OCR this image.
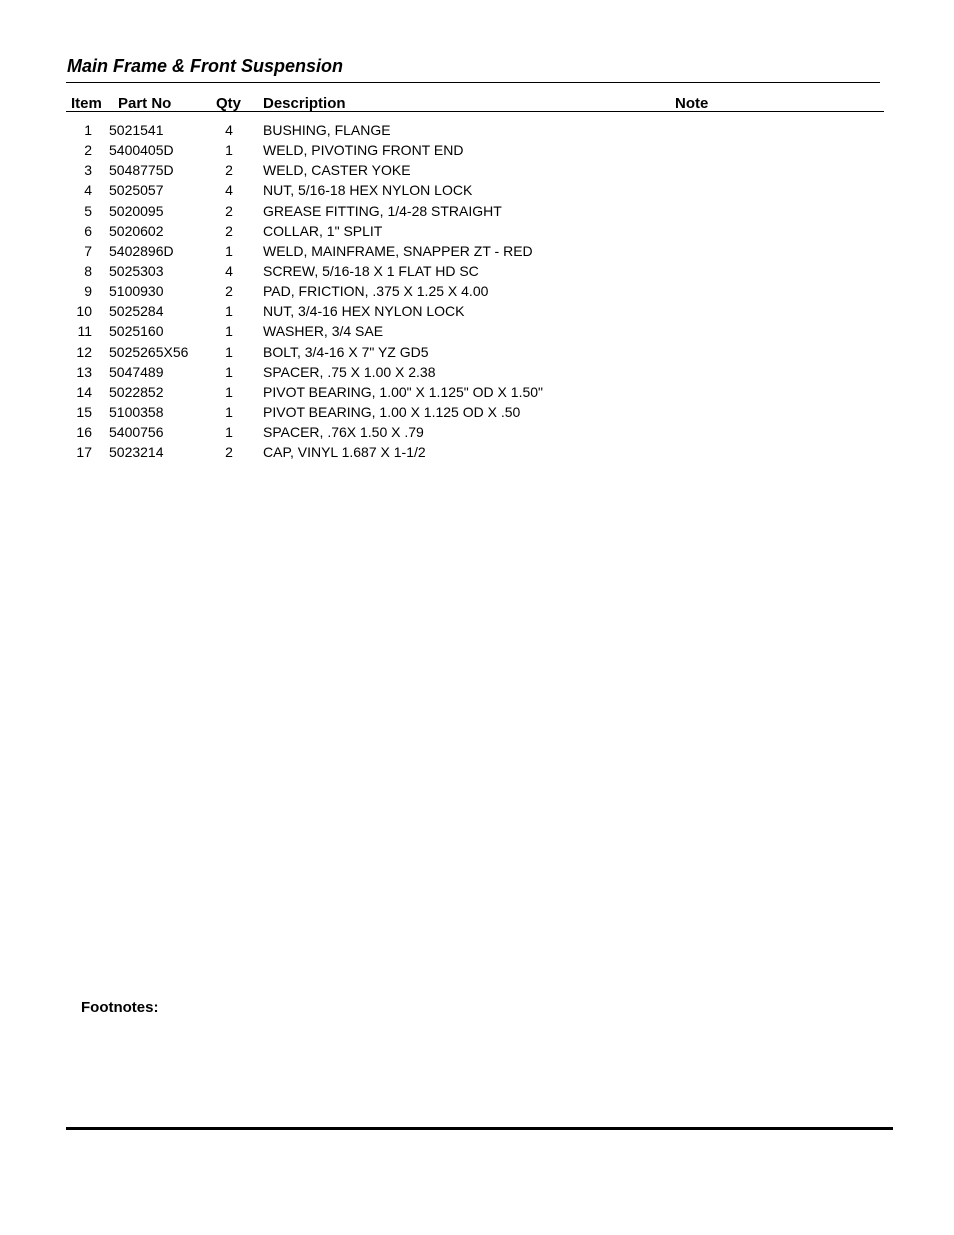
Main Frame & Front Suspension
Item Part No	Qty Description	Note
1 5021541	4	BUSHING, FLANGE
2 5400405D	1	WELD, PIVOTING FRONT END
3 5048775D	2	WELD, CASTER YOKE
4 5025057	4	NUT, 5/16-18 HEX NYLON LOCK
5 5020095	2	GREASE FITTING, 1/4-28 STRAIGHT
6 5020602	2	COLLAR, 1" SPLIT
7 5402896D	1	WELD, MAINFRAME, SNAPPER ZT - RED
8 5025303	4	SCREW, 5/16-18 X 1 FLAT HD SC
9 5100930	2	PAD, FRICTION, .375 X 1.25 X 4.00
10 5025284	1	NUT, 3/4-16 HEX NYLON LOCK
11 5025160	1	WASHER, 3/4 SAE
12 5025265X56	1	BOLT, 3/4-16 X 7" YZ GD5
13 5047489	1	SPACER, .75 X 1.00 X 2.38
14 5022852	1	PIVOT BEARING, 1.00" X 1.125" OD X 1.50"
15 5100358	1	PIVOT BEARING, 1.00 X 1.125 OD X .50
16 5400756	1	SPACER, .76X 1.50 X .79
17 5023214	2	CAP, VINYL 1.687 X 1-1/2
Footnotes:
